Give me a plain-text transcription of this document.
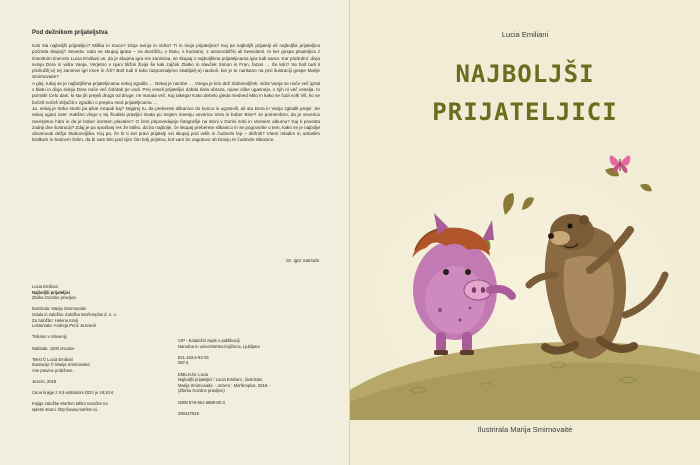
Pod dežnikom prijateljstva

Kdo sta najboljši prijateljici? Miška in muca? Divja svinja in vidra? Ti in tvoja prijateljica? Kaj pa najboljši prijatelji ali najboljša prijateljica počneta skupaj? Seveda: rada se skupaj igrata – na dvorišču, v blatu, s kockami, z avtomobilčki ali besedami. In ker gospa pisateljica z imenitnim imenom Lucia Emiliani ve, da je skupna igra res zanimiva, se skupaj z najboljšima prijateljicama igra tudi sama. Kar pridruhni: divja svinja Dora in vidra Vanja. Verjetno v njuni bližini živijo še kak zajček Zlatko in slavček Simon in Fran, fazan … Še kdo? Se boš tudi ti pridružil(-a) tej zanimivi igri imen in črk? Boš tudi ti tako razpoznaljeno skakljal(-a) naokoli, kot je to narisano na prvi ilustraciji gospe Marije Smirnovaite?

A glej, tukaj se je najboljšima prijateljicama nekaj zgodilo … Nekaj je narobe … Vsega je kriv dež Slabovoljček: vidra Vanja se noče več igrati v blatu in divja svinja Dora noče več čofotati po vodi. Prej veseli prijateljici dobita kisla obraza, njune očke ugasnejo, v njih ni več veselja. In pomisli! Celo dani, ki sta jih prejeli druga od druge, ne marata več. Kaj takega! Kako debelo gleda medved Mito in kako se čudi volk Vili, ko se bočeš nočeš vključiti v zgodbo o prepiru med prijateljicama …

Ja, nekaj je treba storiti pa pika! Ampak kaj? Najprej tu, da preberesi slikanico do konca in ugotoviš, ali sta Dora in Vanja zgladili prepir. Se nekaj ugani zate: Kakšno vlogo v tej živalski pravljici imata po tvojem mnenju veverica Vera in bober Bine? Je pomembno, da je veverica neverjetno hitra in da je bober izvrsten plavalec? O čem pripovedujejo fotografije na steni v Dorini sobi in Verinem albumu? Kaj ti povesta zadnji dve ilustraciji? Zdaj je pa vprašanj res že toliko, da bo najbolje, če skupaj preberete slikanico in se pogovorite o tem, kako se je najbolje obvarovati dežja Slabovoljčka. Kaj pa, če bi ti kot pravi prijatelji vsi skupaj pod velik in čudovito lep – dežnik? Vsem mladim in odraslim bralkam in bralcem želim, da bi vam bilo pod njim čim bolj prijetno, kot vam bo zagotovo ob branju te čudovite slikanice.

Dr. Igor Saksida
Lucia Emiliani
Najboljši prijateljici
Zbirka Gozdne pravljice
Ilustrirala: Marija Smirnovaitė
Izdala in založila: Založba Morfemplus d. o. o.
Za založbo: Helena Kralj
Lektorirala: Andreja Perić Jezeredi
Tiskano v Sloveniji
Naklada: 1000 izvodov
Tekst © Lucia Emiliani
Ilustracije © Marija Smirnovaitė
Vse pravice pridržane.
Jezero, 2018
Cena knjige z 9,5-odstotnim DDV je 19,53 €
Knjige založbe Morfem lahko naročite na
spletni strani: http://www.morfem.si.
CIP - Kataložni zapis o publikaciji
Narodna in univerzitetna knjižnica, Ljubljana
821.163.6-93-34
087.5
EMILIANI, Lucia
Najboljši prijateljici / Lucia Emiliani ; ilustrirala
Marija Smirnovaitė. - Jezero : Morfemplus, 2018. -
(Zbirka Gozdne pravljice)
ISBN 978-961-6988-80-3
290447616
Lucia Emiliani
NAJBOLJŠI
PRIJATELJICI
Ilustrirala Marija Smirnovaitė
